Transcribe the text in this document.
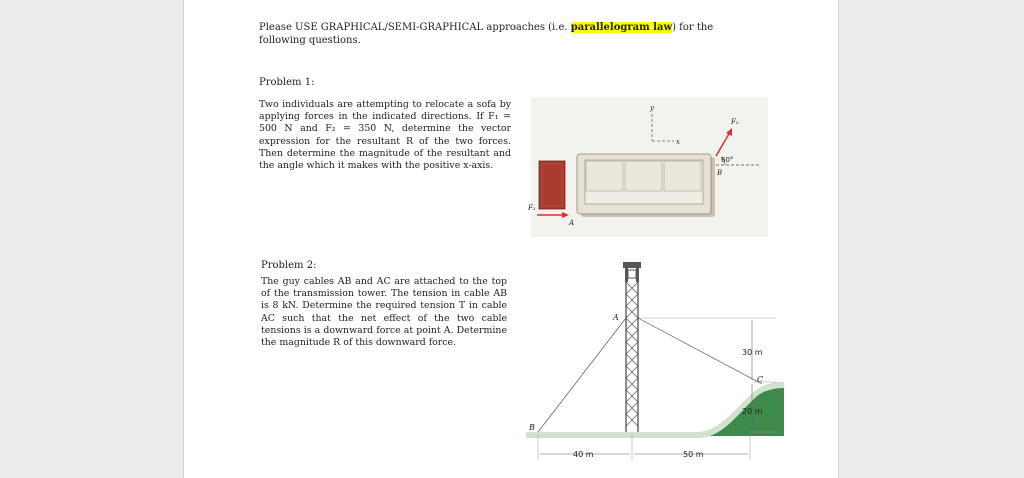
Please USE GRAPHICAL/SEMI-GRAPHICAL approaches (i.e. parallelogram law) for the following questions.
Problem 1:
Two individuals are attempting to relocate a sofa by applying forces in the indicated directions. If F₁ = 500 N and F₂ = 350 N, determine the vector expression for the resultant R of the two forces. Then determine the magnitude of the resultant and the angle which it makes with the positive x-axis.
y
x
F₁
A
F₂
60°
B
Problem 2:
The guy cables AB and AC are attached to the top of the transmission tower. The tension in cable AB is 8 kN. Determine the required tension T in cable AC such that the net effect of the two cable tensions is a downward force at point A. Determine the magnitude R of this downward force.
A
B
C
30 m
20 m
40 m	50 m
